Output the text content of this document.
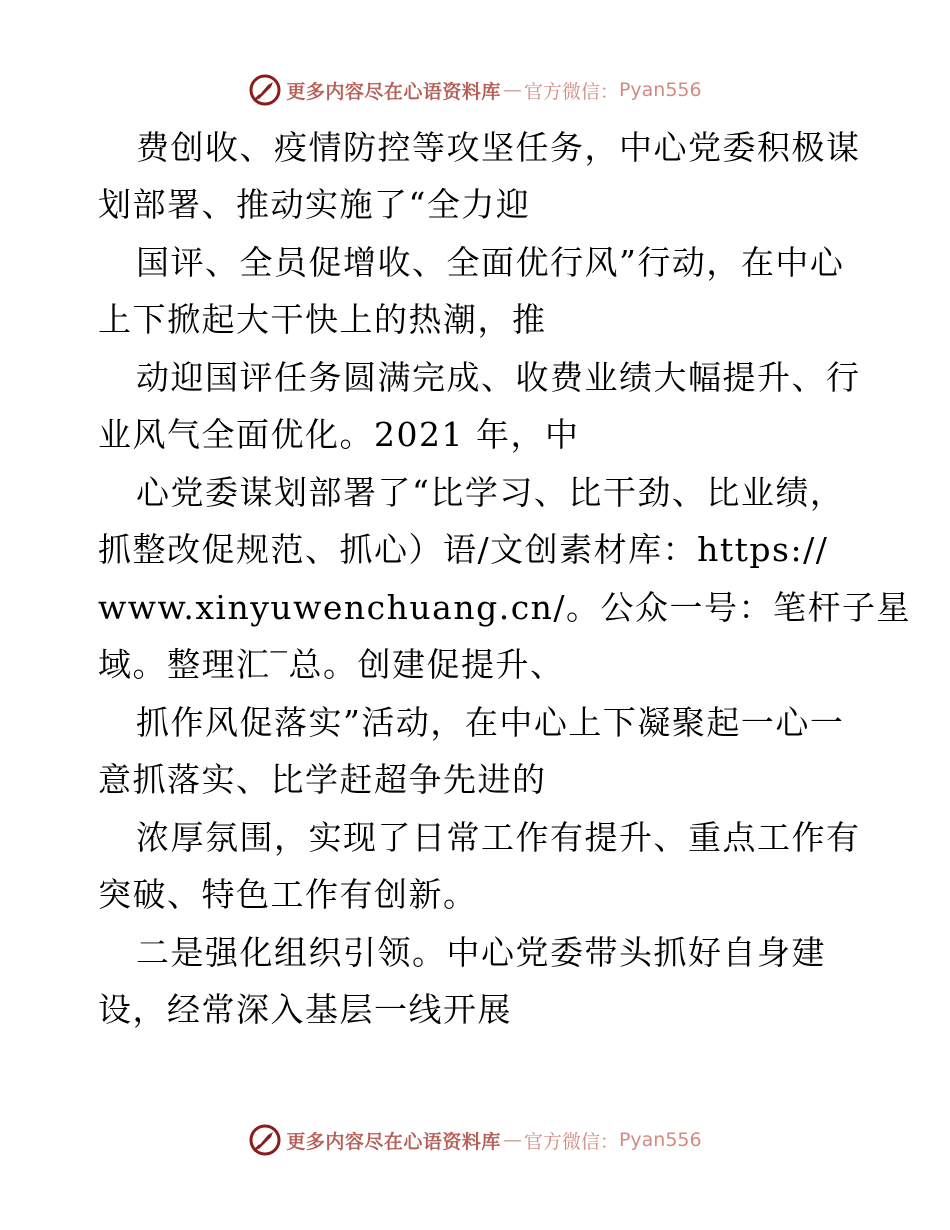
更多内容尽在心语资料库 — 官方微信： Pyan556
费创收、疫情防控等攻坚任务，中心党委积极谋
划部署、推动实施了“全力迎
国评、全员促增收、全面优行风”行动，在中心
上下掀起大干快上的热潮，推
动迎国评任务圆满完成、收费业绩大幅提升、行
业风气全面优化。2021 年，中
心党委谋划部署了“比学习、比干劲、比业绩，
抓整改促规范、抓心）语/文创素材库：https://
www.xinyuwenchuang.cn/。公众一号：笔杆子星
域。整理汇‾总。创建促提升、
抓作风促落实”活动，在中心上下凝聚起一心一
意抓落实、比学赶超争先进的
浓厚氛围，实现了日常工作有提升、重点工作有
突破、特色工作有创新。
二是强化组织引领。中心党委带头抓好自身建
设，经常深入基层一线开展
更多内容尽在心语资料库 — 官方微信： Pyan556
